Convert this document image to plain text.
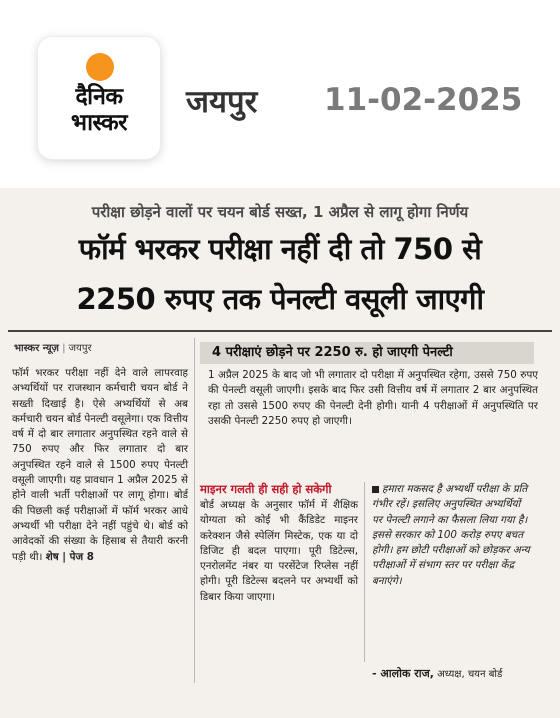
दैनिक
भास्कर
जयपुर 11-02-2025
परीक्षा छोड़ने वालों पर चयन बोर्ड सख्त, 1 अप्रैल से लागू होगा निर्णय
फॉर्म भरकर परीक्षा नहीं दी तो 750 से
2250 रुपए तक पेनल्टी वसूली जाएगी
भास्कर न्यूज़ | जयपुर
फॉर्म भरकर परीक्षा नहीं देने वाले लापरवाह अभ्यर्थियों पर राजस्थान कर्मचारी चयन बोर्ड ने सख्ती दिखाई है। ऐसे अभ्यर्थियों से अब कर्मचारी चयन बोर्ड पेनल्टी वसूलेगा। एक वित्तीय वर्ष में दो बार लगातार अनुपस्थित रहने वाले से 750 रुपए और फिर लगातार दो बार अनुपस्थित रहने वाले से 1500 रुपए पेनल्टी वसूली जाएगी। यह प्रावधान 1 अप्रैल 2025 से होने वाली भर्ती परीक्षाओं पर लागू होगा। बोर्ड की पिछली कई परीक्षाओं में फॉर्म भरकर आधे अभ्यर्थी भी परीक्षा देने नहीं पहुंचे थे। बोर्ड को आवेदकों की संख्या के हिसाब से तैयारी करनी पड़ी थी। शेष | पेज 8
4 परीक्षाएं छोड़ने पर 2250 रु. हो जाएगी पेनल्टी
1 अप्रैल 2025 के बाद जो भी लगातार दो परीक्षा में अनुपस्थित रहेगा, उससे 750 रुपए की पेनल्टी वसूली जाएगी। इसके बाद फिर उसी वित्तीय वर्ष में लगातार 2 बार अनुपस्थित रहा तो उससे 1500 रुपए की पेनल्टी देनी होगी। यानी 4 परीक्षाओं में अनुपस्थिति पर उसकी पेनल्टी 2250 रुपए हो जाएगी।
माइनर गलती ही सही हो सकेगी
बोर्ड अध्यक्ष के अनुसार फॉर्म में शैक्षिक योग्यता को कोई भी कैंडिडेट माइनर करेक्शन जैसे स्पेलिंग मिस्टेक, एक या दो डिजिट ही बदल पाएगा। पूरी डिटेल्स, एनरोलमेंट नंबर या परसेंटेज रिप्लेस नहीं होगी। पूरी डिटेल्स बदलने पर अभ्यर्थी को डिबार किया जाएगा।
हमारा मकसद है अभ्यर्थी परीक्षा के प्रति गंभीर रहें। इसलिए अनुपस्थित अभ्यर्थियों पर पेनल्टी लगाने का फैसला लिया गया है। इससे सरकार को 100 करोड़ रुपए बचत होगी। हम छोटी परीक्षाओं को छोड़कर अन्य परीक्षाओं में संभाग स्तर पर परीक्षा केंद्र बनाएंगे।
- आलोक राज, अध्यक्ष, चयन बोर्ड
